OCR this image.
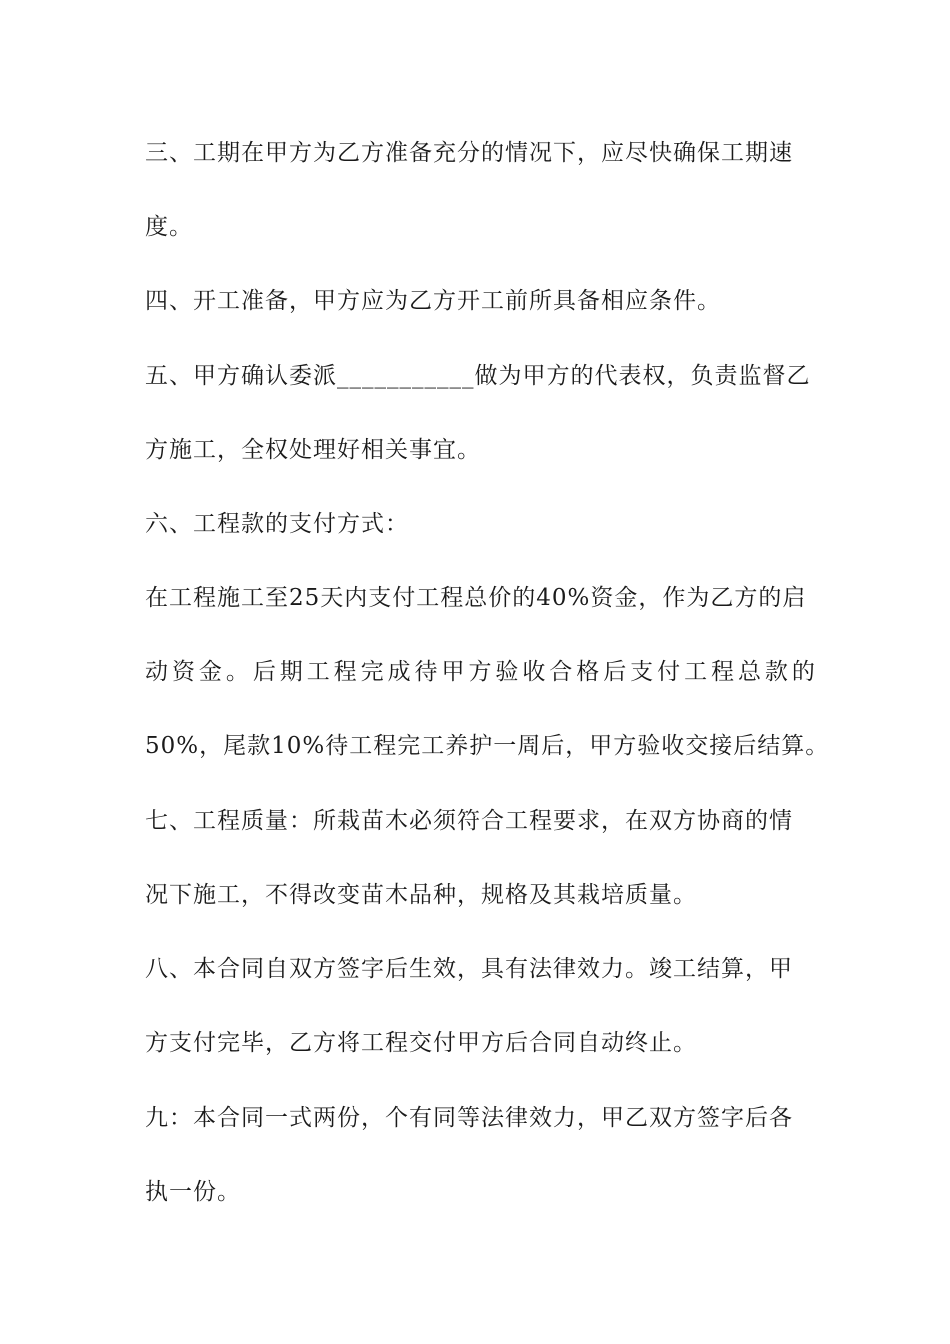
三、工期在甲方为乙方准备充分的情况下，应尽快确保工期速
度。
四、开工准备，甲方应为乙方开工前所具备相应条件。
五、甲方确认委派___________做为甲方的代表权，负责监督乙
方施工，全权处理好相关事宜。
六、工程款的支付方式：
在工程施工至25天内支付工程总价的40%资金，作为乙方的启
动 资 金 。 后 期 工 程 完 成 待 甲 方 验 收 合 格 后 支 付 工 程 总 款 的
50%，尾款10%待工程完工养护一周后，甲方验收交接后结算。
七、工程质量：所栽苗木必须符合工程要求，在双方协商的情
况下施工，不得改变苗木品种，规格及其栽培质量。
八、本合同自双方签字后生效，具有法律效力。竣工结算，甲
方支付完毕，乙方将工程交付甲方后合同自动终止。
九：本合同一式两份，个有同等法律效力，甲乙双方签字后各
执一份。
